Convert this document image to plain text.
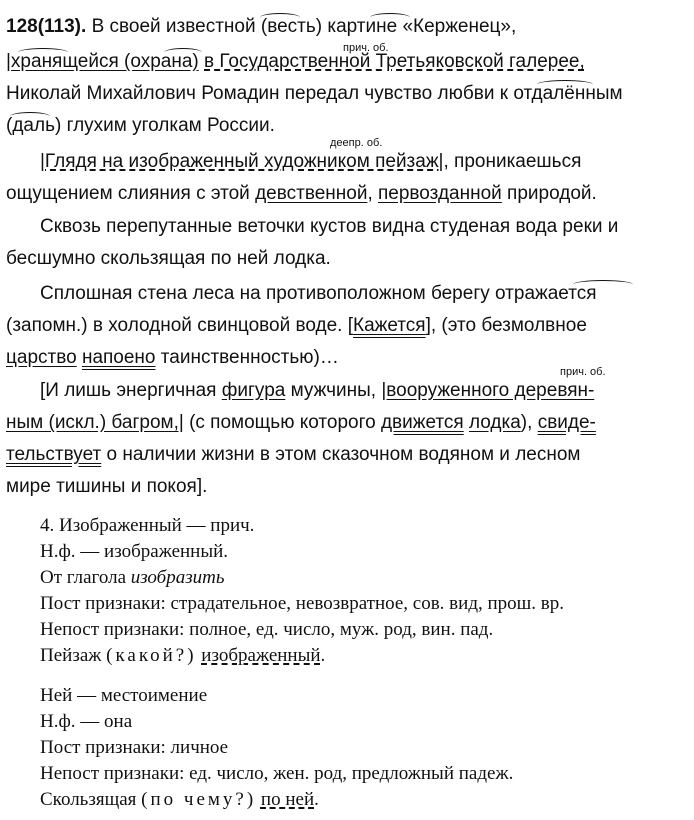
128(113). В своей известной (весть) картине «Керженец»,
прич. об.
|хранящейся (охрана) в Государственной Третьяковской галерее,
Николай Михайлович Ромадин передал чувство любви к отдалённым
(даль) глухим уголкам России.
деепр. об.
|Глядя на изображенный художником пейзаж|, проникаешься
ощущением слияния с этой девственной, первозданной природой.
Сквозь перепутанные веточки кустов видна студеная вода реки и
бесшумно скользящая по ней лодка.
Сплошная стена леса на противоположном берегу отражается
(запомн.) в холодной свинцовой воде. [Кажется], (это безмолвное
царство напоено таинственностью)…
прич. об.
[И лишь энергичная фигура мужчины, |вооруженного деревян-
ным (искл.) багром,| (с помощью которого движется лодка), свиде-
тельствует о наличии жизни в этом сказочном водяном и лесном
мире тишины и покоя].
4. Изображенный — прич.
Н.ф. — изображенный.
От глагола изобразить
Пост признаки: страдательное, невозвратное, сов. вид, прош. вр.
Непост признаки: полное, ед. число, муж. род, вин. пад.
Пейзаж (какой?) изображенный.
Ней — местоимение
Н.ф. — она
Пост признаки: личное
Непост признаки: ед. число, жен. род, предложный падеж.
Скользящая (по чему?) по ней.
